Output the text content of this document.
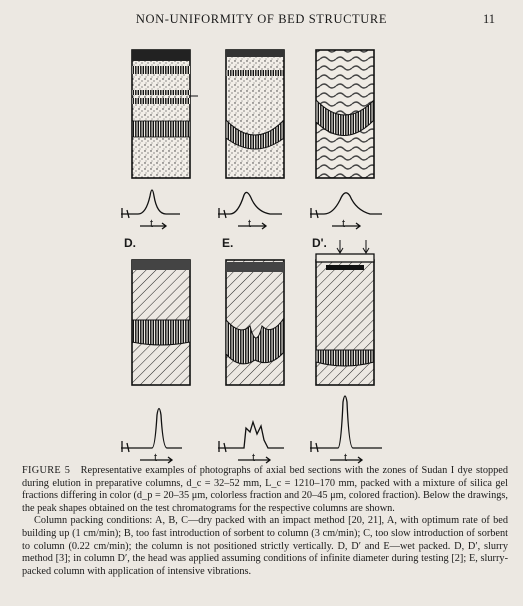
NON-UNIFORMITY OF BED STRUCTURE	11
t	t	t
t	t	t
D.	E.	D'.

FIGURE 5 Representative examples of photographs of axial bed sections with the zones of Sudan I dye stopped during elution in preparative columns, d_c = 32–52 mm, L_c = 1210–170 mm, packed with a mixture of silica gel fractions differing in color (d_p = 20–35 μm, colorless fraction and 20–45 μm, colored fraction). Below the drawings, the peak shapes obtained on the test chromatograms for the respective columns are shown.

Column packing conditions: A, B, C—dry packed with an impact method [20, 21], A, with optimum rate of bed building up (1 cm/min); B, too fast introduction of sorbent to column (3 cm/min); C, too slow introduction of sorbent to column (0.22 cm/min); the column is not positioned strictly vertically. D, D′ and E—wet packed. D, D′, slurry method [3]; in column D′, the head was applied assuming conditions of infinite diameter during testing [2]; E, slurry-packed column with application of intensive vibrations.
